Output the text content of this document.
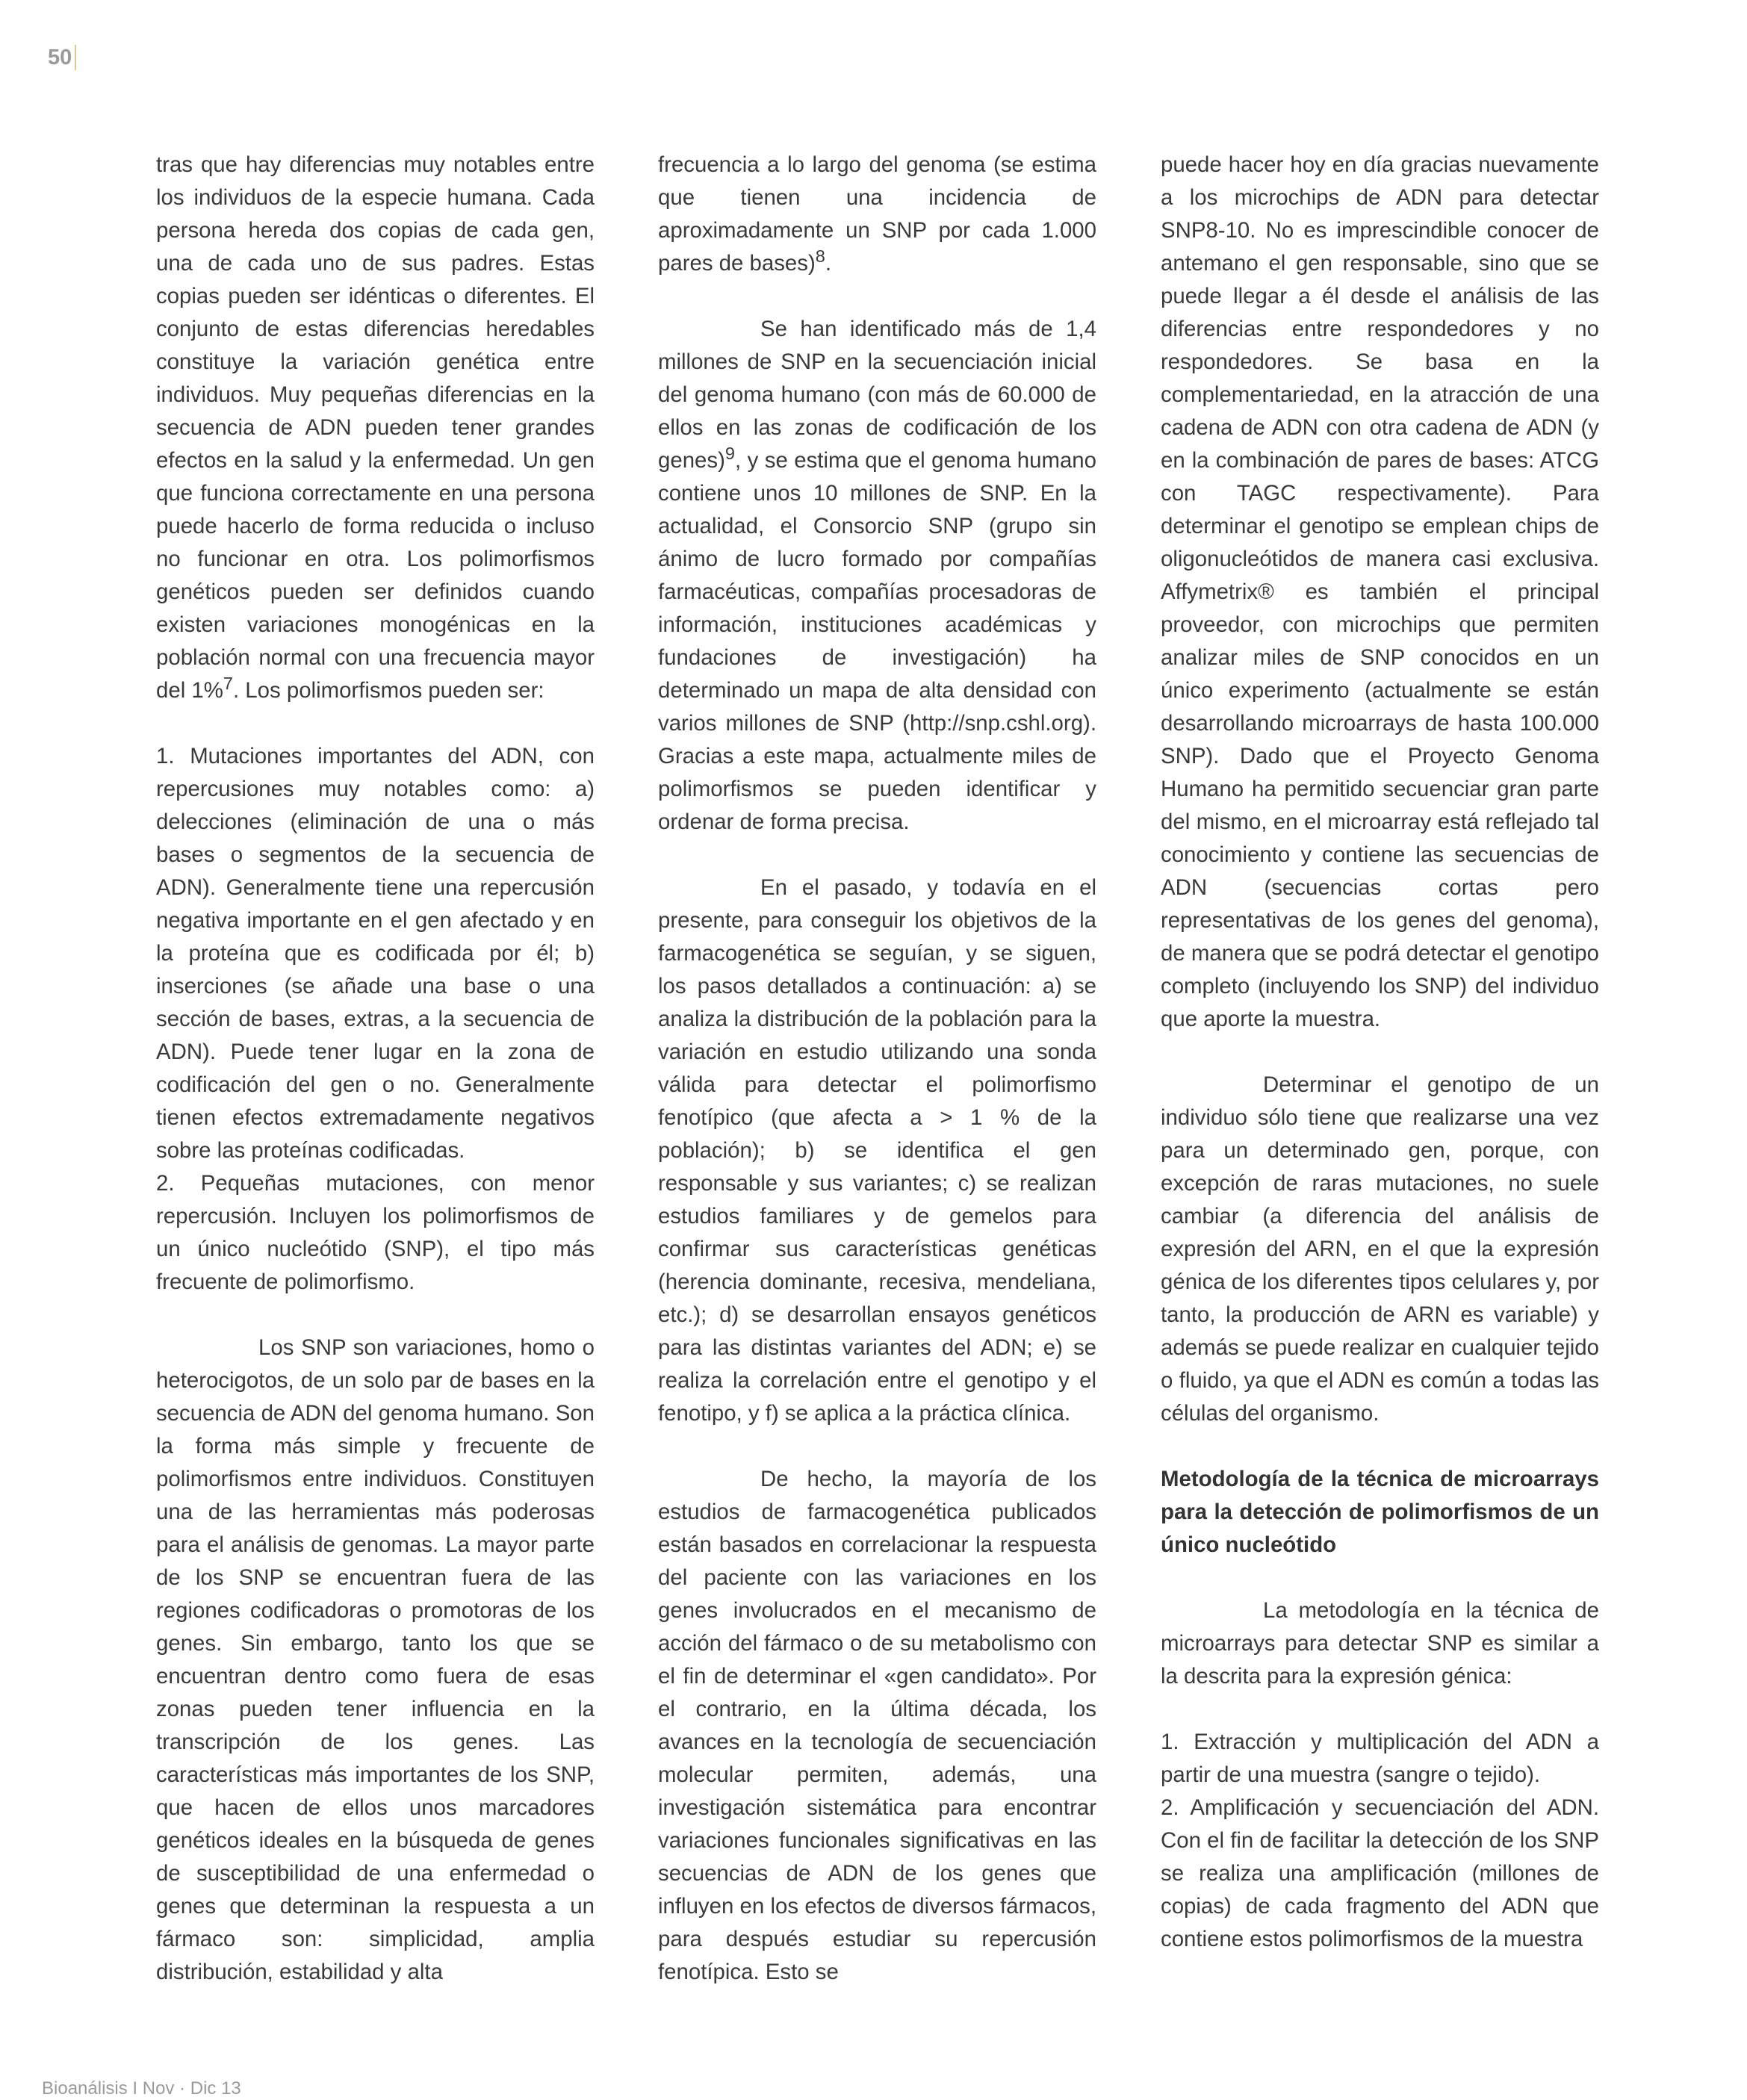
50

tras que hay diferencias muy notables entre los individuos de la especie humana. Cada persona hereda dos copias de cada gen, una de cada uno de sus padres. Estas copias pueden ser idénticas o diferentes. El conjunto de estas diferencias heredables constituye la variación genética entre individuos. Muy pequeñas diferencias en la secuencia de ADN pueden tener grandes efectos en la salud y la enfermedad. Un gen que funciona correctamente en una persona puede hacerlo de forma reducida o incluso no funcionar en otra. Los polimorfismos genéticos pueden ser definidos cuando existen variaciones monogénicas en la población normal con una frecuencia mayor del 1%$^7$. Los polimorfismos pueden ser:

1. Mutaciones importantes del ADN, con repercusiones muy notables como: a) delecciones (eliminación de una o más bases o segmentos de la secuencia de ADN). Generalmente tiene una repercusión negativa importante en el gen afectado y en la proteína que es codificada por él; b) inserciones (se añade una base o una sección de bases, extras, a la secuencia de ADN). Puede tener lugar en la zona de codificación del gen o no. Generalmente tienen efectos extremadamente negativos sobre las proteínas codificadas.

2. Pequeñas mutaciones, con menor repercusión. Incluyen los polimorfismos de un único nucleótido (SNP), el tipo más frecuente de polimorfismo.

Los SNP son variaciones, homo o heterocigotos, de un solo par de bases en la secuencia de ADN del genoma humano. Son la forma más simple y frecuente de polimorfismos entre individuos. Constituyen una de las herramientas más poderosas para el análisis de genomas. La mayor parte de los SNP se encuentran fuera de las regiones codificadoras o promotoras de los genes. Sin embargo, tanto los que se encuentran dentro como fuera de esas zonas pueden tener influencia en la transcripción de los genes. Las características más importantes de los SNP, que hacen de ellos unos marcadores genéticos ideales en la búsqueda de genes de susceptibilidad de una enfermedad o genes que determinan la respuesta a un fármaco son: simplicidad, amplia distribución, estabilidad y alta

frecuencia a lo largo del genoma (se estima que tienen una incidencia de aproximadamente un SNP por cada 1.000 pares de bases)$^8$.

Se han identificado más de 1,4 millones de SNP en la secuenciación inicial del genoma humano (con más de 60.000 de ellos en las zonas de codificación de los genes)$^9$, y se estima que el genoma humano contiene unos 10 millones de SNP. En la actualidad, el Consorcio SNP (grupo sin ánimo de lucro formado por compañías farmacéuticas, compañías procesadoras de información, instituciones académicas y fundaciones de investigación) ha determinado un mapa de alta densidad con varios millones de SNP (http://snp.cshl.org). Gracias a este mapa, actualmente miles de polimorfismos se pueden identificar y ordenar de forma precisa.

En el pasado, y todavía en el presente, para conseguir los objetivos de la farmacogenética se seguían, y se siguen, los pasos detallados a continuación: a) se analiza la distribución de la población para la variación en estudio utilizando una sonda válida para detectar el polimorfismo fenotípico (que afecta a > 1 % de la población); b) se identifica el gen responsable y sus variantes; c) se realizan estudios familiares y de gemelos para confirmar sus características genéticas (herencia dominante, recesiva, mendeliana, etc.); d) se desarrollan ensayos genéticos para las distintas variantes del ADN; e) se realiza la correlación entre el genotipo y el fenotipo, y f) se aplica a la práctica clínica.

De hecho, la mayoría de los estudios de farmacogenética publicados están basados en correlacionar la respuesta del paciente con las variaciones en los genes involucrados en el mecanismo de acción del fármaco o de su metabolismo con el fin de determinar el «gen candidato». Por el contrario, en la última década, los avances en la tecnología de secuenciación molecular permiten, además, una investigación sistemática para encontrar variaciones funcionales significativas en las secuencias de ADN de los genes que influyen en los efectos de diversos fármacos, para después estudiar su repercusión fenotípica. Esto se

puede hacer hoy en día gracias nuevamente a los microchips de ADN para detectar SNP8-10. No es imprescindible conocer de antemano el gen responsable, sino que se puede llegar a él desde el análisis de las diferencias entre respondedores y no respondedores. Se basa en la complementariedad, en la atracción de una cadena de ADN con otra cadena de ADN (y en la combinación de pares de bases: ATCG con TAGC respectivamente). Para determinar el genotipo se emplean chips de oligonucleótidos de manera casi exclusiva. Affymetrix® es también el principal proveedor, con microchips que permiten analizar miles de SNP conocidos en un único experimento (actualmente se están desarrollando microarrays de hasta 100.000 SNP). Dado que el Proyecto Genoma Humano ha permitido secuenciar gran parte del mismo, en el microarray está reflejado tal conocimiento y contiene las secuencias de ADN (secuencias cortas pero representativas de los genes del genoma), de manera que se podrá detectar el genotipo completo (incluyendo los SNP) del individuo que aporte la muestra.

Determinar el genotipo de un individuo sólo tiene que realizarse una vez para un determinado gen, porque, con excepción de raras mutaciones, no suele cambiar (a diferencia del análisis de expresión del ARN, en el que la expresión génica de los diferentes tipos celulares y, por tanto, la producción de ARN es variable) y además se puede realizar en cualquier tejido o fluido, ya que el ADN es común a todas las células del organismo.

Metodología de la técnica de microarrays para la detección de polimorfismos de un único nucleótido

La metodología en la técnica de microarrays para detectar SNP es similar a la descrita para la expresión génica:

1. Extracción y multiplicación del ADN a partir de una muestra (sangre o tejido).

2. Amplificación y secuenciación del ADN. Con el fin de facilitar la detección de los SNP se realiza una amplificación (millones de copias) de cada fragmento del ADN que contiene estos polimorfismos de la muestra

Bioanálisis I Nov · Dic 13
